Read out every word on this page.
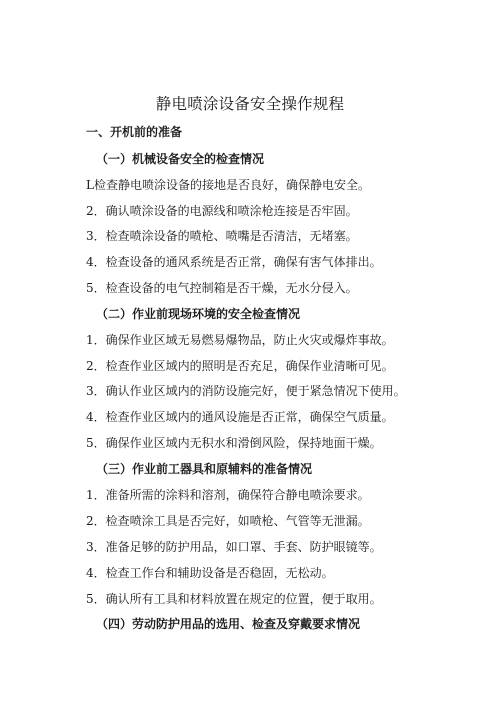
静电喷涂设备安全操作规程

一、开机前的准备

（一）机械设备安全的检查情况

L检查静电喷涂设备的接地是否良好，确保静电安全。

2．确认喷涂设备的电源线和喷涂枪连接是否牢固。

3．检查喷涂设备的喷枪、喷嘴是否清洁，无堵塞。

4．检查设备的通风系统是否正常，确保有害气体排出。

5．检查设备的电气控制箱是否干燥，无水分侵入。

（二）作业前现场环境的安全检查情况

1．确保作业区域无易燃易爆物品，防止火灾或爆炸事故。

2．检查作业区域内的照明是否充足，确保作业清晰可见。

3．确认作业区域内的消防设施完好，便于紧急情况下使用。

4．检查作业区域内的通风设施是否正常，确保空气质量。

5．确保作业区域内无积水和滑倒风险，保持地面干燥。

（三）作业前工器具和原辅料的准备情况

1．准备所需的涂料和溶剂，确保符合静电喷涂要求。

2．检查喷涂工具是否完好，如喷枪、气管等无泄漏。

3．准备足够的防护用品，如口罩、手套、防护眼镜等。

4．检查工作台和辅助设备是否稳固，无松动。

5．确认所有工具和材料放置在规定的位置，便于取用。

（四）劳动防护用品的选用、检查及穿戴要求情况
